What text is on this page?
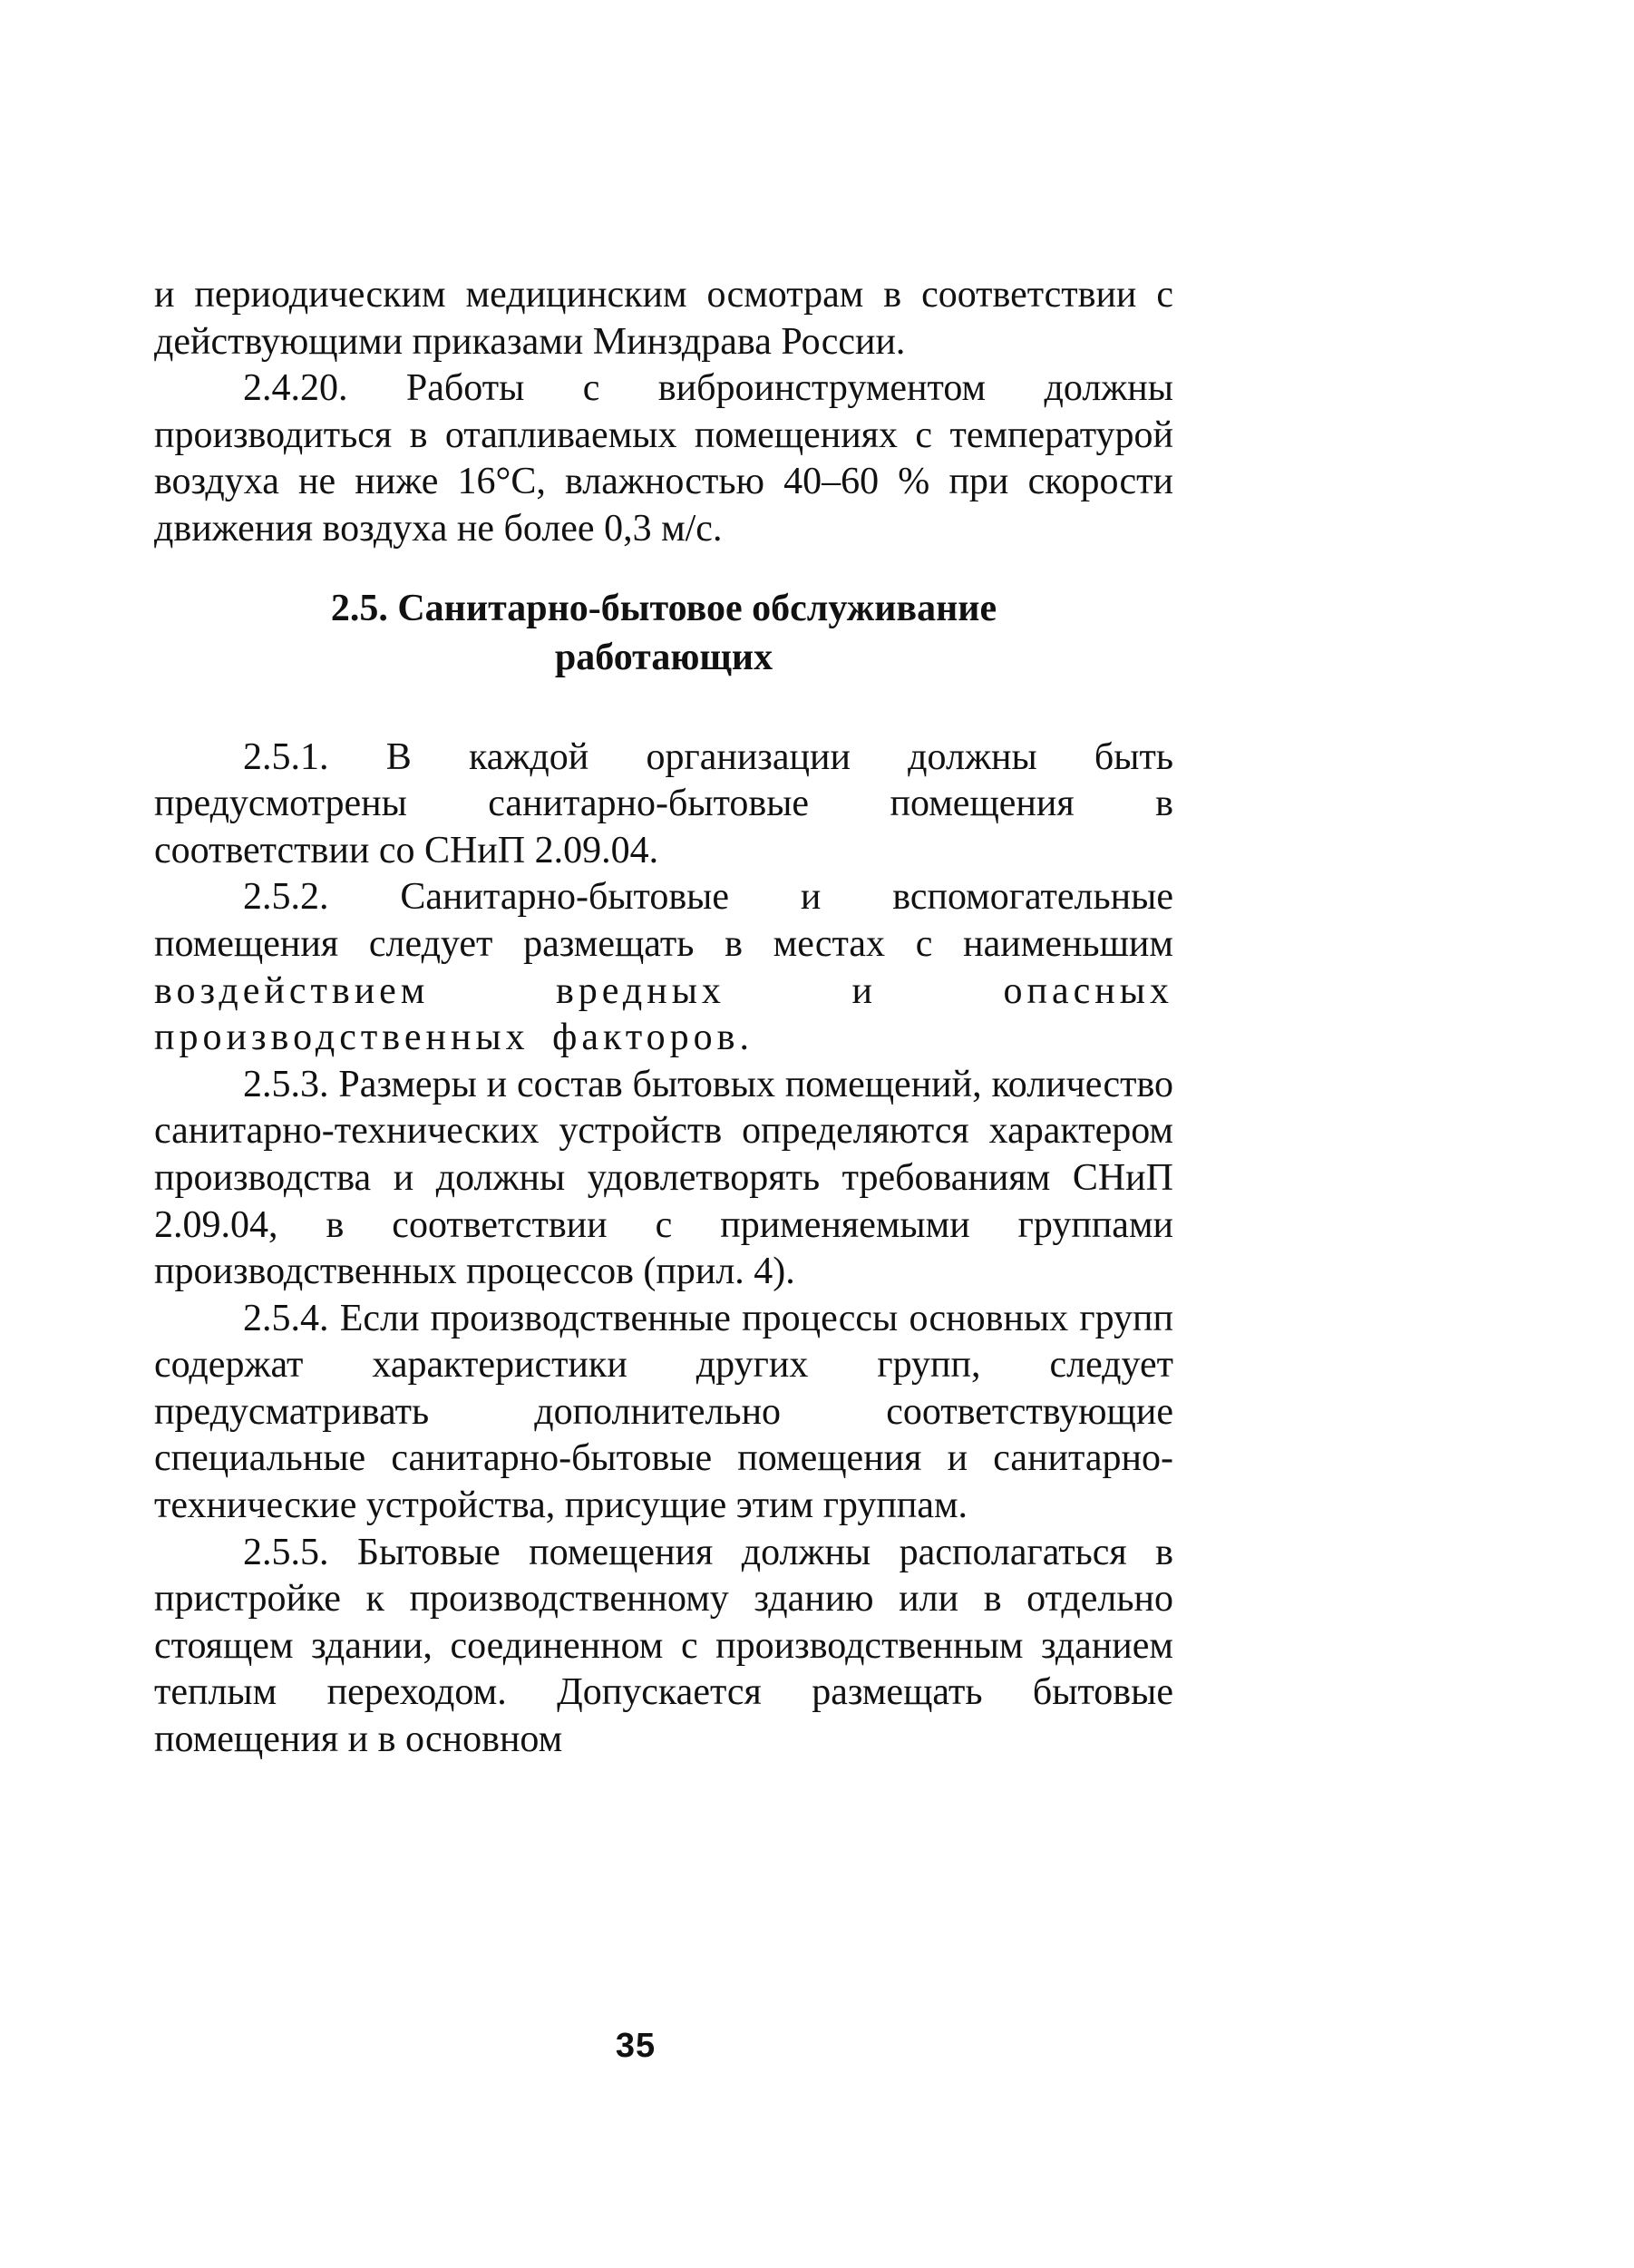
и периодическим медицинским осмотрам в соответствии с действующими приказами Минздрава России.

2.4.20. Работы с виброинструментом должны производиться в отапливаемых помещениях с температурой воздуха не ниже 16°С, влажностью 40–60 % при скорости движения воздуха не более 0,3 м/с.

2.5. Санитарно-бытовое обслуживание
работающих

2.5.1. В каждой организации должны быть предусмотрены санитарно-бытовые помещения в соответствии со СНиП 2.09.04.

2.5.2. Санитарно-бытовые и вспомогательные помещения следует размещать в местах с наименьшим воздействием вредных и опасных производственных факторов.

2.5.3. Размеры и состав бытовых помещений, количество санитарно-технических устройств определяются характером производства и должны удовлетворять требованиям СНиП 2.09.04, в соответствии с применяемыми группами производственных процессов (прил. 4).

2.5.4. Если производственные процессы основных групп содержат характеристики других групп, следует предусматривать дополнительно соответствующие специальные санитарно-бытовые помещения и санитарно-технические устройства, присущие этим группам.

2.5.5. Бытовые помещения должны располагаться в пристройке к производственному зданию или в отдельно стоящем здании, соединенном с производственным зданием теплым переходом. Допускается размещать бытовые помещения и в основном

35
